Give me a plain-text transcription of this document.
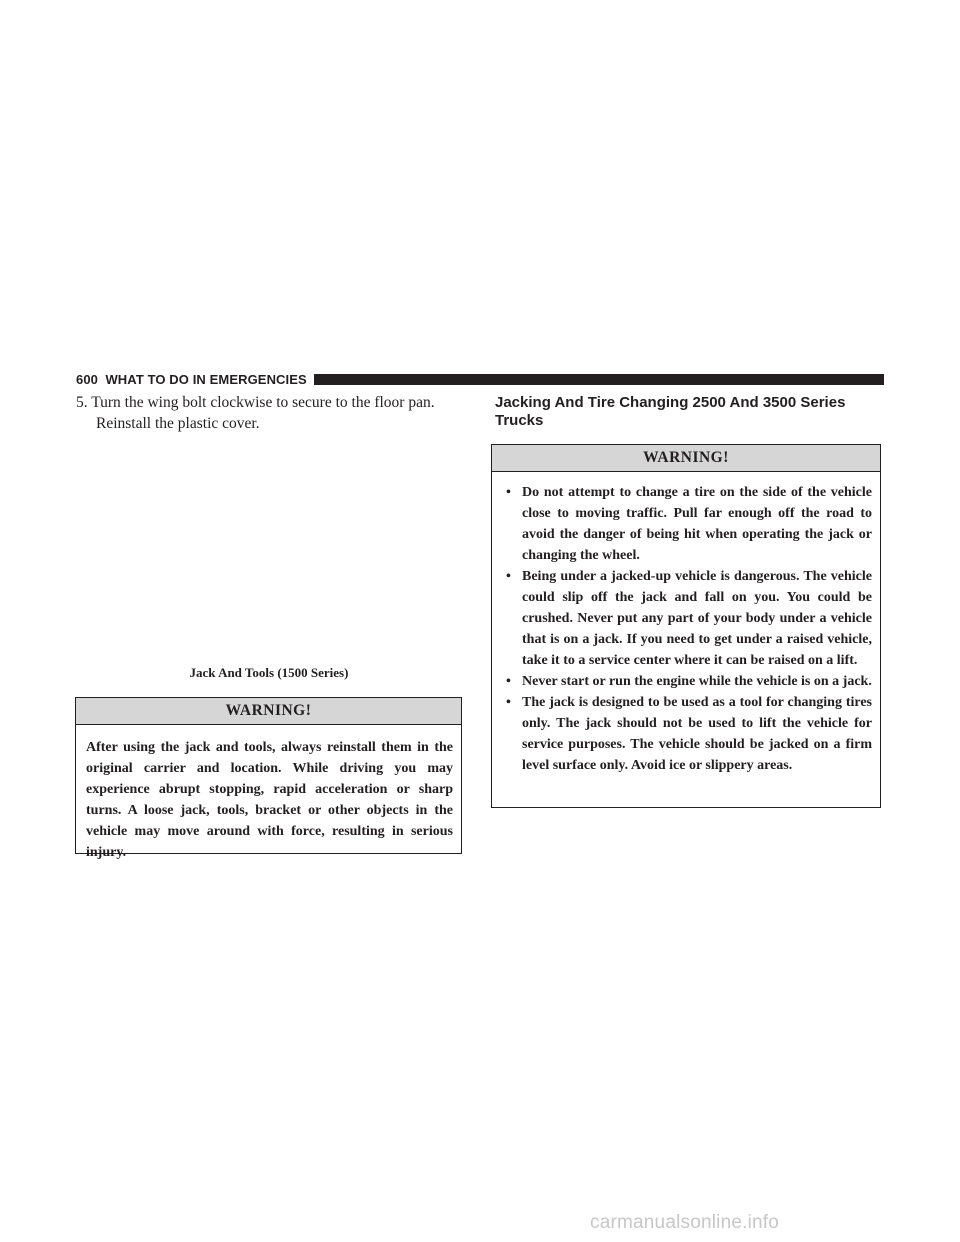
600 WHAT TO DO IN EMERGENCIES
5. Turn the wing bolt clockwise to secure to the floor pan. Reinstall the plastic cover.
Jack And Tools (1500 Series)
WARNING!
After using the jack and tools, always reinstall them in the original carrier and location. While driving you may experience abrupt stopping, rapid acceleration or sharp turns. A loose jack, tools, bracket or other objects in the vehicle may move around with force, resulting in serious injury.
Jacking And Tire Changing 2500 And 3500 Series Trucks
WARNING!
• Do not attempt to change a tire on the side of the vehicle close to moving traffic. Pull far enough off the road to avoid the danger of being hit when operating the jack or changing the wheel.
• Being under a jacked-up vehicle is dangerous. The vehicle could slip off the jack and fall on you. You could be crushed. Never put any part of your body under a vehicle that is on a jack. If you need to get under a raised vehicle, take it to a service center where it can be raised on a lift.
• Never start or run the engine while the vehicle is on a jack.
• The jack is designed to be used as a tool for changing tires only. The jack should not be used to lift the vehicle for service purposes. The vehicle should be jacked on a firm level surface only. Avoid ice or slippery areas.
carmanualsonline.info
